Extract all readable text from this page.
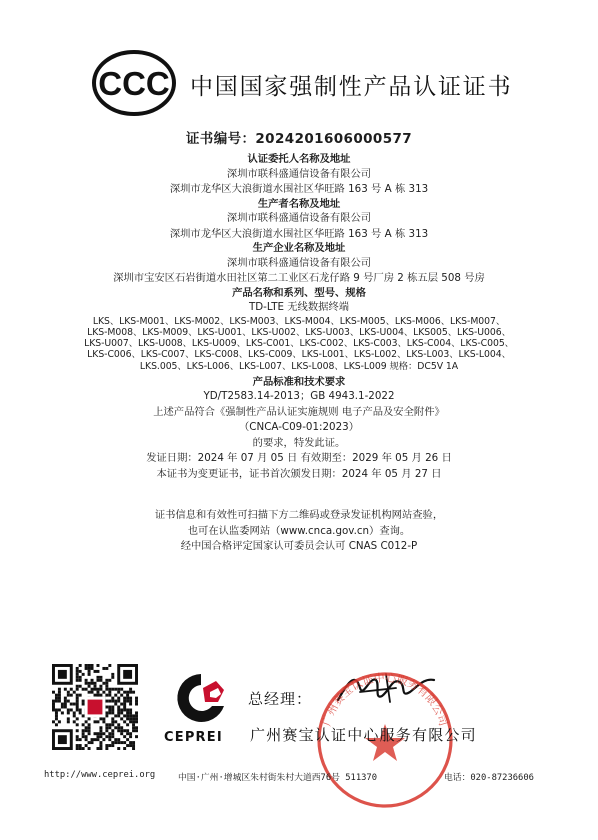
CCC 中国国家强制性产品认证证书
证书编号：2024201606000577
认证委托人名称及地址
深圳市联科盛通信设备有限公司
深圳市龙华区大浪街道水围社区华旺路 163 号 A 栋 313
生产者名称及地址
深圳市联科盛通信设备有限公司
深圳市龙华区大浪街道水围社区华旺路 163 号 A 栋 313
生产企业名称及地址
深圳市联科盛通信设备有限公司
深圳市宝安区石岩街道水田社区第二工业区石龙仔路 9 号厂房 2 栋五层 508 号房
产品名称和系列、型号、规格
TD-LTE 无线数据终端
LKS、LKS-M001、LKS-M002、LKS-M003、LKS-M004、LKS-M005、LKS-M006、LKS-M007、
LKS-M008、LKS-M009、LKS-U001、LKS-U002、LKS-U003、LKS-U004、LKS005、LKS-U006、
LKS-U007、LKS-U008、LKS-U009、LKS-C001、LKS-C002、LKS-C003、LKS-C004、LKS-C005、
LKS-C006、LKS-C007、LKS-C008、LKS-C009、LKS-L001、LKS-L002、LKS-L003、LKS-L004、
LKS.005、LKS-L006、LKS-L007、LKS-L008、LKS-L009 规格：DC5V 1A
产品标准和技术要求
YD/T2583.14-2013；GB 4943.1-2022
上述产品符合《强制性产品认证实施规则 电子产品及安全附件》
（CNCA-C09-01:2023）
的要求，特发此证。
发证日期：2024 年 07 月 05 日 有效期至：2029 年 05 月 26 日
本证书为变更证书，证书首次颁发日期：2024 年 05 月 27 日
证书信息和有效性可扫描下方二维码或登录发证机构网站查验，
也可在认监委网站（www.cnca.gov.cn）查询。
经中国合格评定国家认可委员会认可 CNAS C012-P
CEPREI
总经理：
广州赛宝认证中心服务有限公司
广州赛宝认证中心服务有限公司
http://www.ceprei.org	中国·广州·增城区朱村街朱村大道西76号 511370	电话：020-87236606
